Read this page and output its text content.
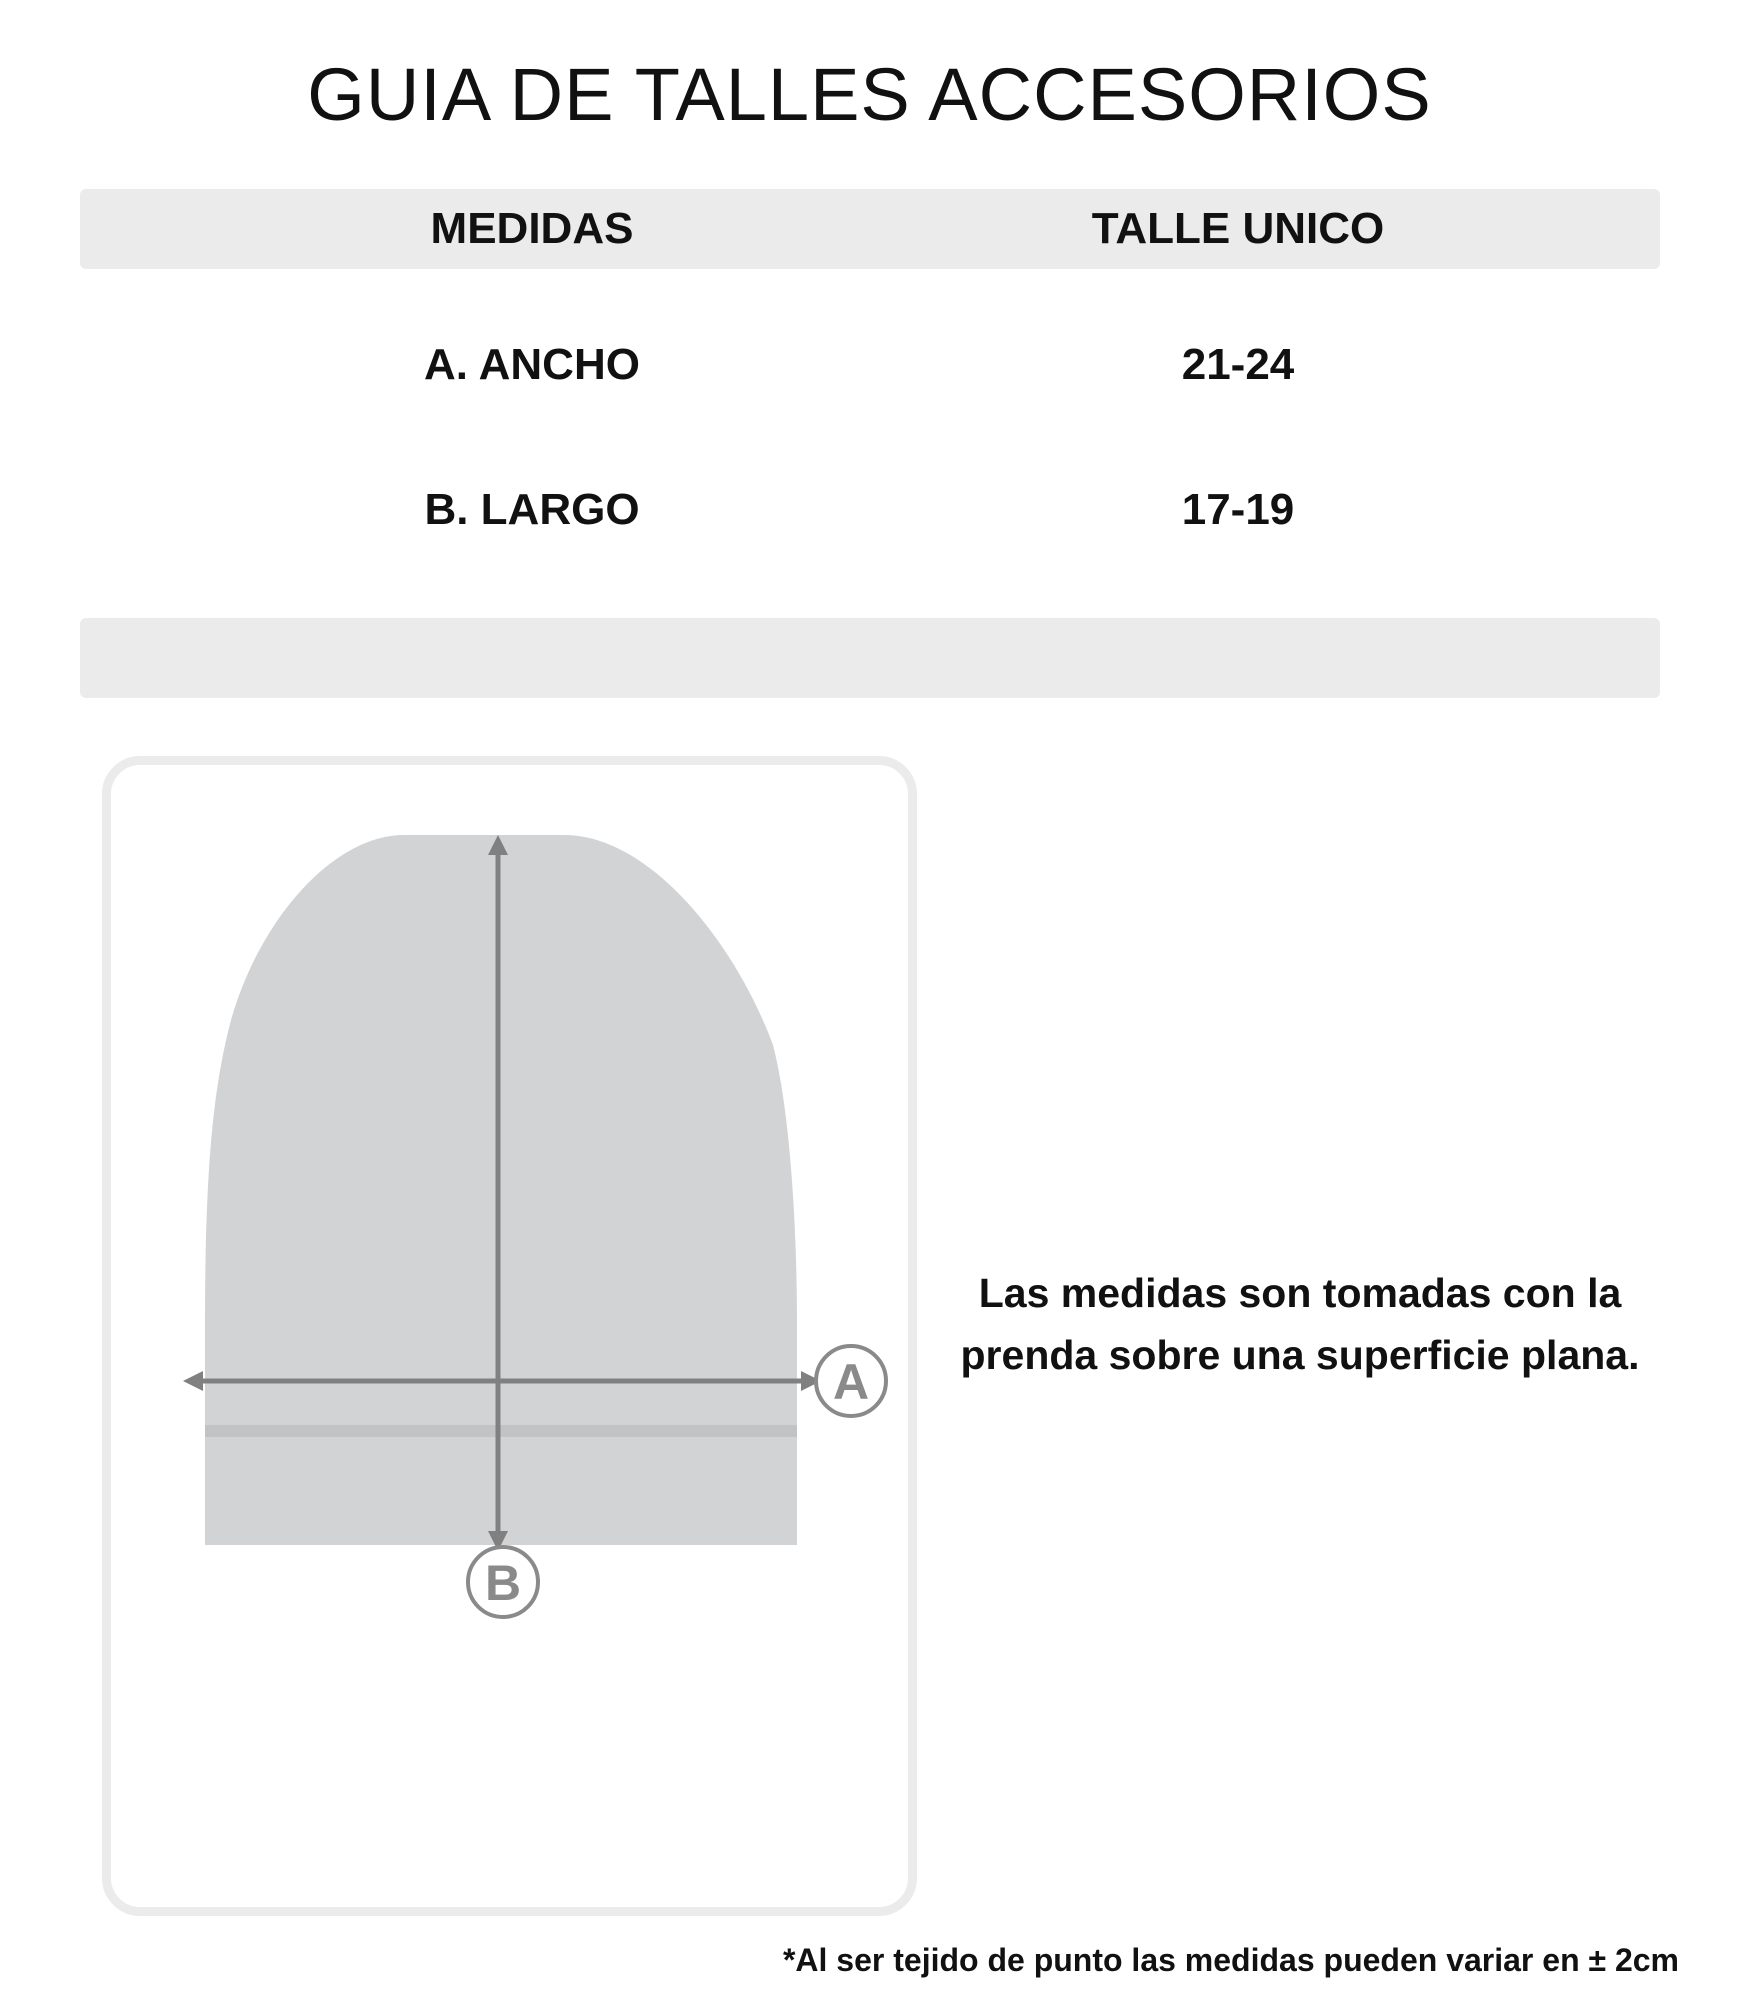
GUIA DE TALLES ACCESORIOS
MEDIDAS	TALLE UNICO
A. ANCHO	21-24
B. LARGO	17-19
A
B
Las medidas son tomadas con la prenda sobre una superficie plana.
*Al ser tejido de punto las medidas pueden variar en ± 2cm
